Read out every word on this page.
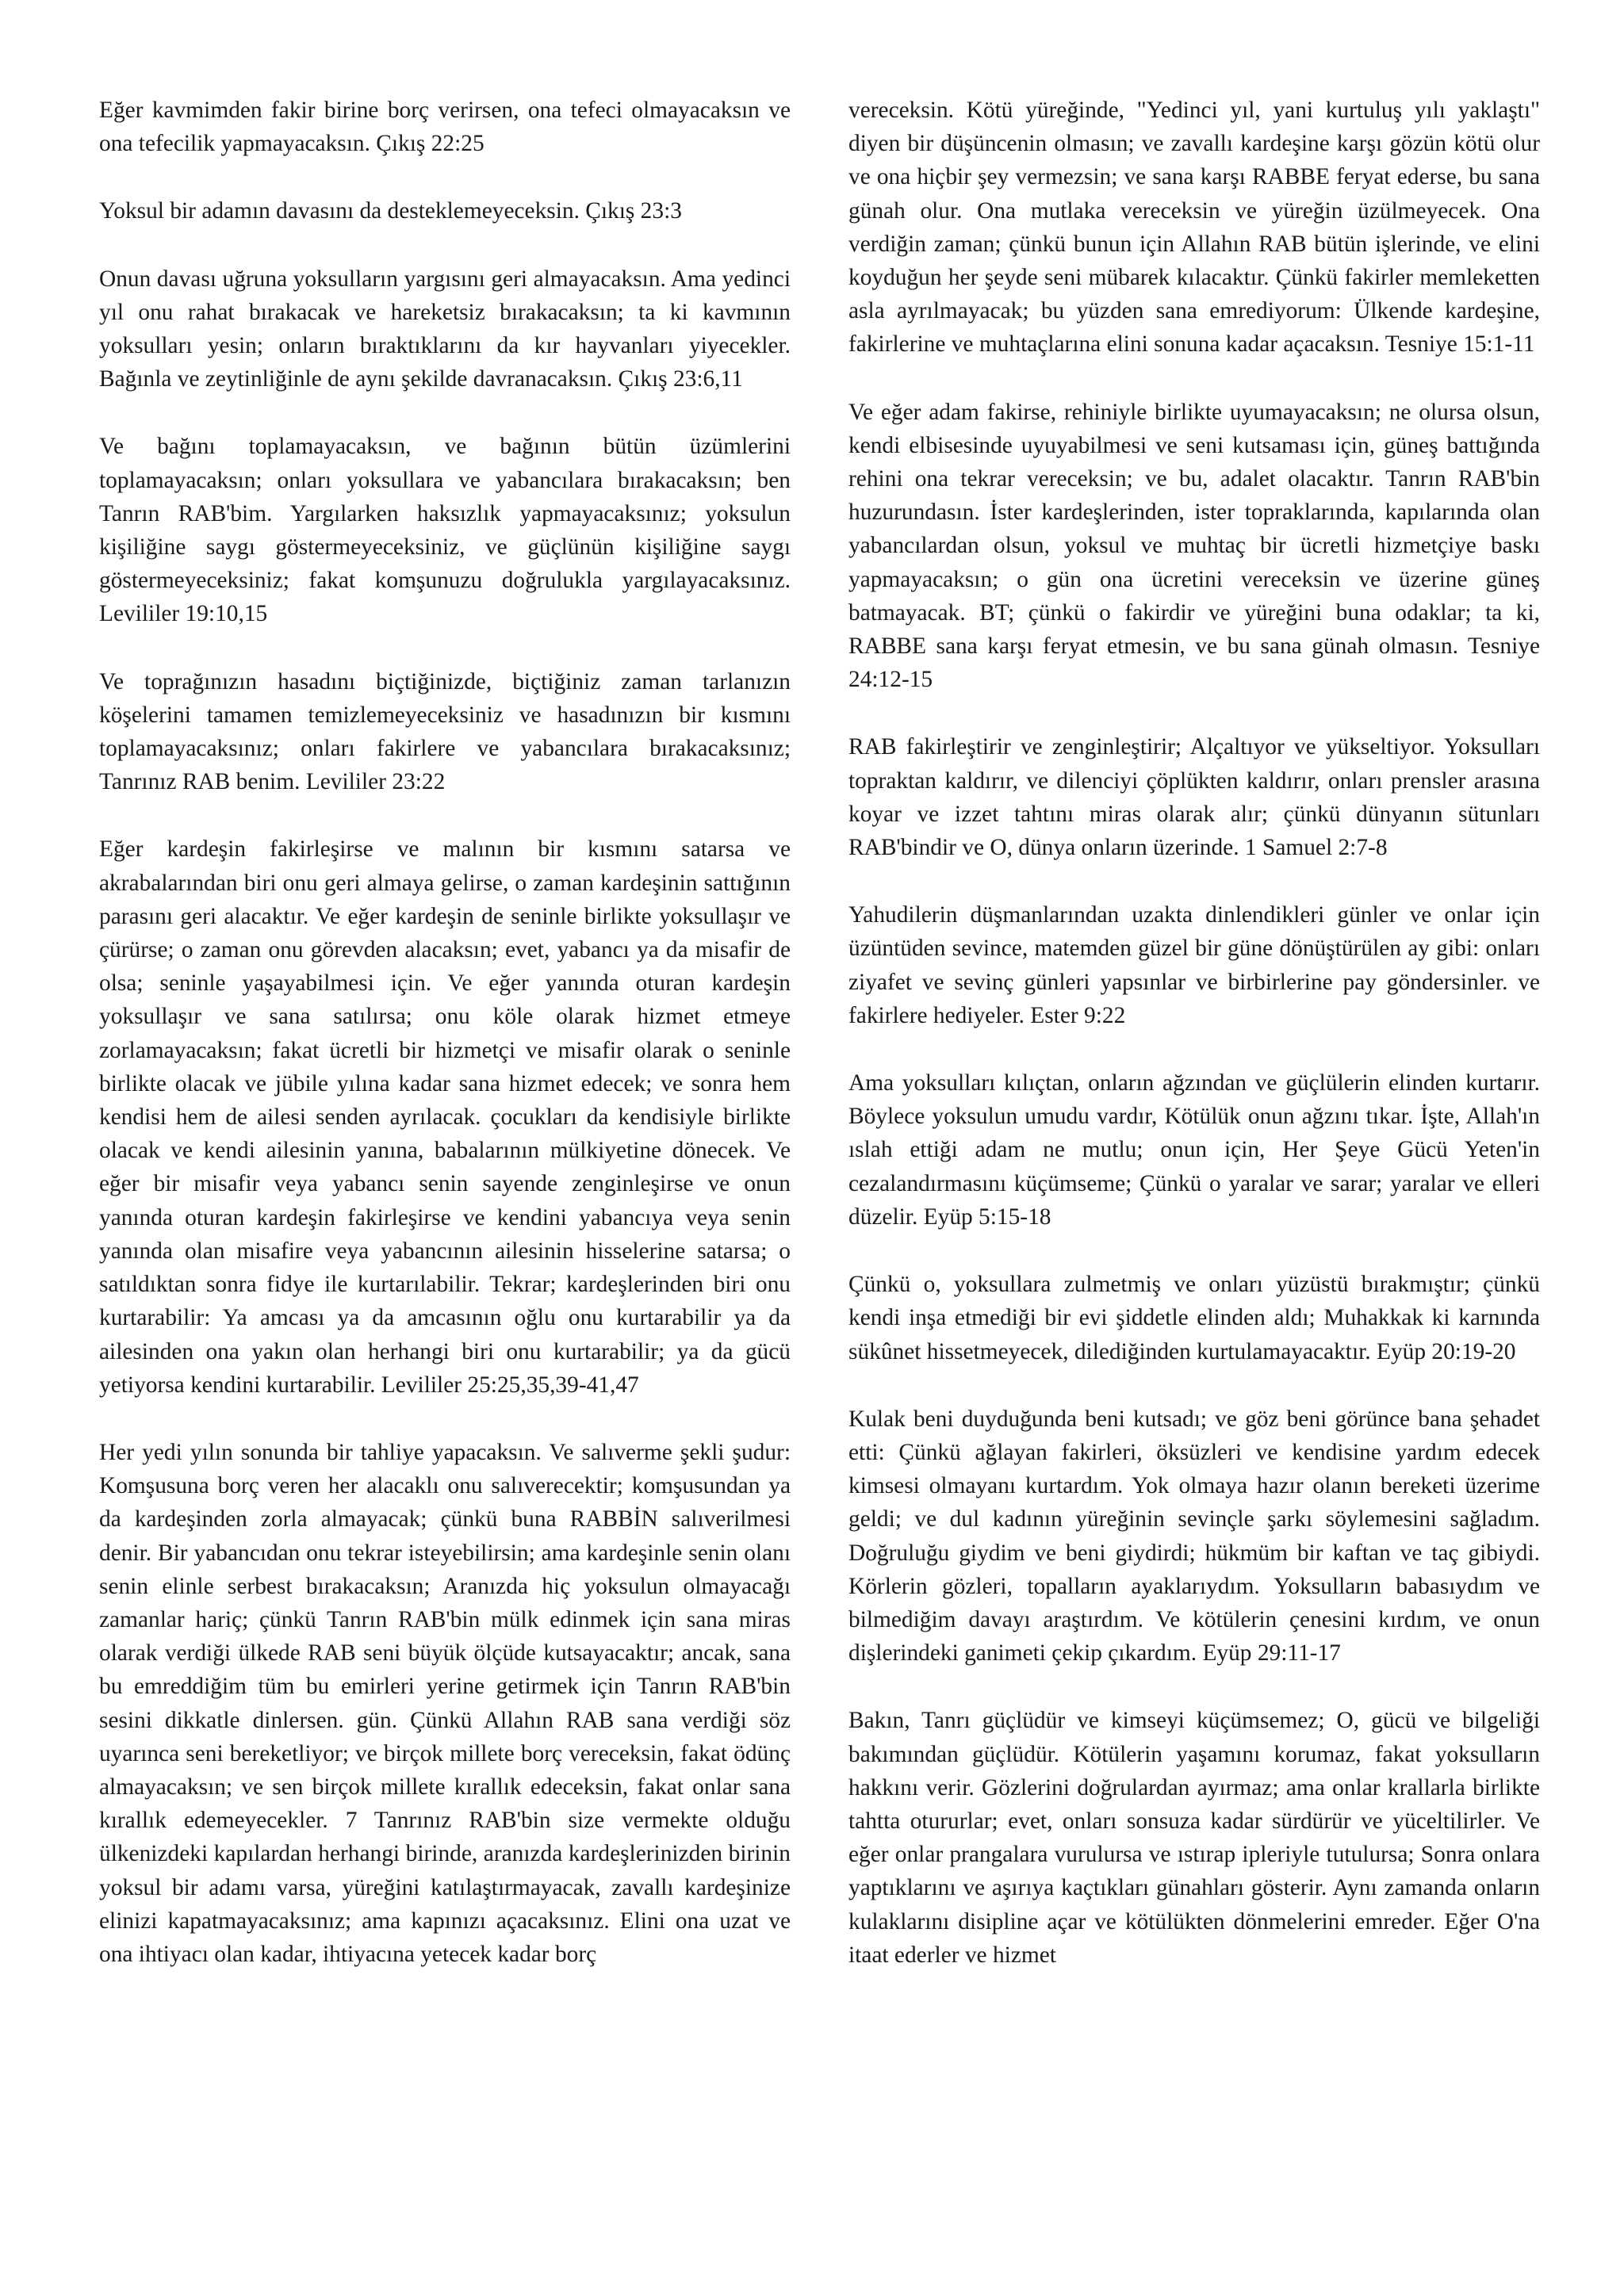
Eğer kavmimden fakir birine borç verirsen, ona tefeci olmayacaksın ve ona tefecilik yapmayacaksın. Çıkış 22:25

Yoksul bir adamın davasını da desteklemeyeceksin. Çıkış 23:3

Onun davası uğruna yoksulların yargısını geri almayacaksın. Ama yedinci yıl onu rahat bırakacak ve hareketsiz bırakacaksın; ta ki kavmının yoksulları yesin; onların bıraktıklarını da kır hayvanları yiyecekler. Bağınla ve zeytinliğinle de aynı şekilde davranacaksın. Çıkış 23:6,11

Ve bağını toplamayacaksın, ve bağının bütün üzümlerini toplamayacaksın; onları yoksullara ve yabancılara bırakacaksın; ben Tanrın RAB'bim. Yargılarken haksızlık yapmayacaksınız; yoksulun kişiliğine saygı göstermeyeceksiniz, ve güçlünün kişiliğine saygı göstermeyeceksiniz; fakat komşunuzu doğrulukla yargılayacaksınız. Levililer 19:10,15

Ve toprağınızın hasadını biçtiğinizde, biçtiğiniz zaman tarlanızın köşelerini tamamen temizlemeyeceksiniz ve hasadınızın bir kısmını toplamayacaksınız; onları fakirlere ve yabancılara bırakacaksınız; Tanrınız RAB benim. Levililer 23:22

Eğer kardeşin fakirleşirse ve malının bir kısmını satarsa ve akrabalarından biri onu geri almaya gelirse, o zaman kardeşinin sattığının parasını geri alacaktır. Ve eğer kardeşin de seninle birlikte yoksullaşır ve çürürse; o zaman onu görevden alacaksın; evet, yabancı ya da misafir de olsa; seninle yaşayabilmesi için. Ve eğer yanında oturan kardeşin yoksullaşır ve sana satılırsa; onu köle olarak hizmet etmeye zorlamayacaksın; fakat ücretli bir hizmetçi ve misafir olarak o seninle birlikte olacak ve jübile yılına kadar sana hizmet edecek; ve sonra hem kendisi hem de ailesi senden ayrılacak. çocukları da kendisiyle birlikte olacak ve kendi ailesinin yanına, babalarının mülkiyetine dönecek. Ve eğer bir misafir veya yabancı senin sayende zenginleşirse ve onun yanında oturan kardeşin fakirleşirse ve kendini yabancıya veya senin yanında olan misafire veya yabancının ailesinin hisselerine satarsa; o satıldıktan sonra fidye ile kurtarılabilir. Tekrar; kardeşlerinden biri onu kurtarabilir: Ya amcası ya da amcasının oğlu onu kurtarabilir ya da ailesinden ona yakın olan herhangi biri onu kurtarabilir; ya da gücü yetiyorsa kendini kurtarabilir. Levililer 25:25,35,39-41,47

Her yedi yılın sonunda bir tahliye yapacaksın. Ve salıverme şekli şudur: Komşusuna borç veren her alacaklı onu salıverecektir; komşusundan ya da kardeşinden zorla almayacak; çünkü buna RABBİN salıverilmesi denir. Bir yabancıdan onu tekrar isteyebilirsin; ama kardeşinle senin olanı senin elinle serbest bırakacaksın; Aranızda hiç yoksulun olmayacağı zamanlar hariç; çünkü Tanrın RAB'bin mülk edinmek için sana miras olarak verdiği ülkede RAB seni büyük ölçüde kutsayacaktır; ancak, sana bu emreddiğim tüm bu emirleri yerine getirmek için Tanrın RAB'bin sesini dikkatle dinlersen. gün. Çünkü Allahın RAB sana verdiği söz uyarınca seni bereketliyor; ve birçok millete borç vereceksin, fakat ödünç almayacaksın; ve sen birçok millete kırallık edeceksin, fakat onlar sana kırallık edemeyecekler. 7 Tanrınız RAB'bin size vermekte olduğu ülkenizdeki kapılardan herhangi birinde, aranızda kardeşlerinizden birinin yoksul bir adamı varsa, yüreğini katılaştırmayacak, zavallı kardeşinize elinizi kapatmayacaksınız; ama kapınızı açacaksınız. Elini ona uzat ve ona ihtiyacı olan kadar, ihtiyacına yetecek kadar borç

vereceksin. Kötü yüreğinde, "Yedinci yıl, yani kurtuluş yılı yaklaştı" diyen bir düşüncenin olmasın; ve zavallı kardeşine karşı gözün kötü olur ve ona hiçbir şey vermezsin; ve sana karşı RABBE feryat ederse, bu sana günah olur. Ona mutlaka vereceksin ve yüreğin üzülmeyecek. Ona verdiğin zaman; çünkü bunun için Allahın RAB bütün işlerinde, ve elini koyduğun her şeyde seni mübarek kılacaktır. Çünkü fakirler memleketten asla ayrılmayacak; bu yüzden sana emrediyorum: Ülkende kardeşine, fakirlerine ve muhtaçlarına elini sonuna kadar açacaksın. Tesniye 15:1-11

Ve eğer adam fakirse, rehiniyle birlikte uyumayacaksın; ne olursa olsun, kendi elbisesinde uyuyabilmesi ve seni kutsaması için, güneş battığında rehini ona tekrar vereceksin; ve bu, adalet olacaktır. Tanrın RAB'bin huzurundasın. İster kardeşlerinden, ister topraklarında, kapılarında olan yabancılardan olsun, yoksul ve muhtaç bir ücretli hizmetçiye baskı yapmayacaksın; o gün ona ücretini vereceksin ve üzerine güneş batmayacak. BT; çünkü o fakirdir ve yüreğini buna odaklar; ta ki, RABBE sana karşı feryat etmesin, ve bu sana günah olmasın. Tesniye 24:12-15

RAB fakirleştirir ve zenginleştirir; Alçaltıyor ve yükseltiyor. Yoksulları topraktan kaldırır, ve dilenciyi çöplükten kaldırır, onları prensler arasına koyar ve izzet tahtını miras olarak alır; çünkü dünyanın sütunları RAB'bindir ve O, dünya onların üzerinde. 1 Samuel 2:7-8

Yahudilerin düşmanlarından uzakta dinlendikleri günler ve onlar için üzüntüden sevince, matemden güzel bir güne dönüştürülen ay gibi: onları ziyafet ve sevinç günleri yapsınlar ve birbirlerine pay göndersinler. ve fakirlere hediyeler. Ester 9:22

Ama yoksulları kılıçtan, onların ağzından ve güçlülerin elinden kurtarır. Böylece yoksulun umudu vardır, Kötülük onun ağzını tıkar. İşte, Allah'ın ıslah ettiği adam ne mutlu; onun için, Her Şeye Gücü Yeten'in cezalandırmasını küçümseme; Çünkü o yaralar ve sarar; yaralar ve elleri düzelir. Eyüp 5:15-18

Çünkü o, yoksullara zulmetmiş ve onları yüzüstü bırakmıştır; çünkü kendi inşa etmediği bir evi şiddetle elinden aldı; Muhakkak ki karnında sükûnet hissetmeyecek, dilediğinden kurtulamayacaktır. Eyüp 20:19-20

Kulak beni duyduğunda beni kutsadı; ve göz beni görünce bana şehadet etti: Çünkü ağlayan fakirleri, öksüzleri ve kendisine yardım edecek kimsesi olmayanı kurtardım. Yok olmaya hazır olanın bereketi üzerime geldi; ve dul kadının yüreğinin sevinçle şarkı söylemesini sağladım. Doğruluğu giydim ve beni giydirdi; hükmüm bir kaftan ve taç gibiydi. Körlerin gözleri, topalların ayaklarıydım. Yoksulların babasıydım ve bilmediğim davayı araştırdım. Ve kötülerin çenesini kırdım, ve onun dişlerindeki ganimeti çekip çıkardım. Eyüp 29:11-17

Bakın, Tanrı güçlüdür ve kimseyi küçümsemez; O, gücü ve bilgeliği bakımından güçlüdür. Kötülerin yaşamını korumaz, fakat yoksulların hakkını verir. Gözlerini doğrulardan ayırmaz; ama onlar krallarla birlikte tahtta otururlar; evet, onları sonsuza kadar sürdürür ve yüceltilirler. Ve eğer onlar prangalara vurulursa ve ıstırap ipleriyle tutulursa; Sonra onlara yaptıklarını ve aşırıya kaçtıkları günahları gösterir. Aynı zamanda onların kulaklarını disipline açar ve kötülükten dönmelerini emreder. Eğer O'na itaat ederler ve hizmet
